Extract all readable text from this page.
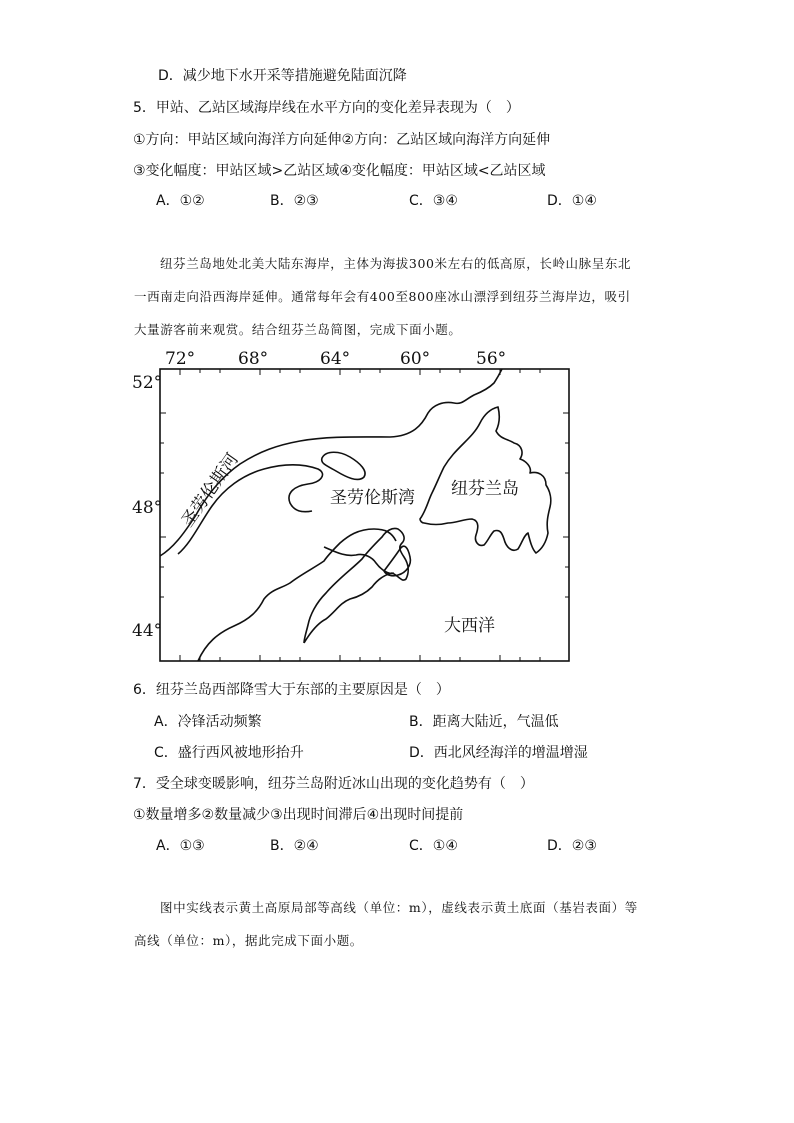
D．减少地下水开采等措施避免陆面沉降
5．甲站、乙站区域海岸线在水平方向的变化差异表现为（　）
①方向：甲站区域向海洋方向延伸②方向：乙站区域向海洋方向延伸
③变化幅度：甲站区域>乙站区域④变化幅度：甲站区域<乙站区域
A．①②	B．②③	C．③④	D．①④
纽芬兰岛地处北美大陆东海岸，主体为海拔300米左右的低高原，长岭山脉呈东北
一西南走向沿西海岸延伸。通常每年会有400至800座冰山漂浮到纽芬兰海岸边，吸引
大量游客前来观赏。结合纽芬兰岛简图，完成下面小题。
72°	68°	64°	60°	56°
52°
48°
44°
圣劳伦斯河	圣劳伦斯湾 纽芬兰岛
大西洋
6．纽芬兰岛西部降雪大于东部的主要原因是（　）
A．冷锋活动频繁	B．距离大陆近，气温低
C．盛行西风被地形抬升	D．西北风经海洋的增温增湿
7．受全球变暖影响，纽芬兰岛附近冰山出现的变化趋势有（　）
①数量增多②数量减少③出现时间滞后④出现时间提前
A．①③	B．②④	C．①④	D．②③
图中实线表示黄土高原局部等高线（单位：m），虚线表示黄土底面（基岩表面）等
高线（单位：m），据此完成下面小题。
